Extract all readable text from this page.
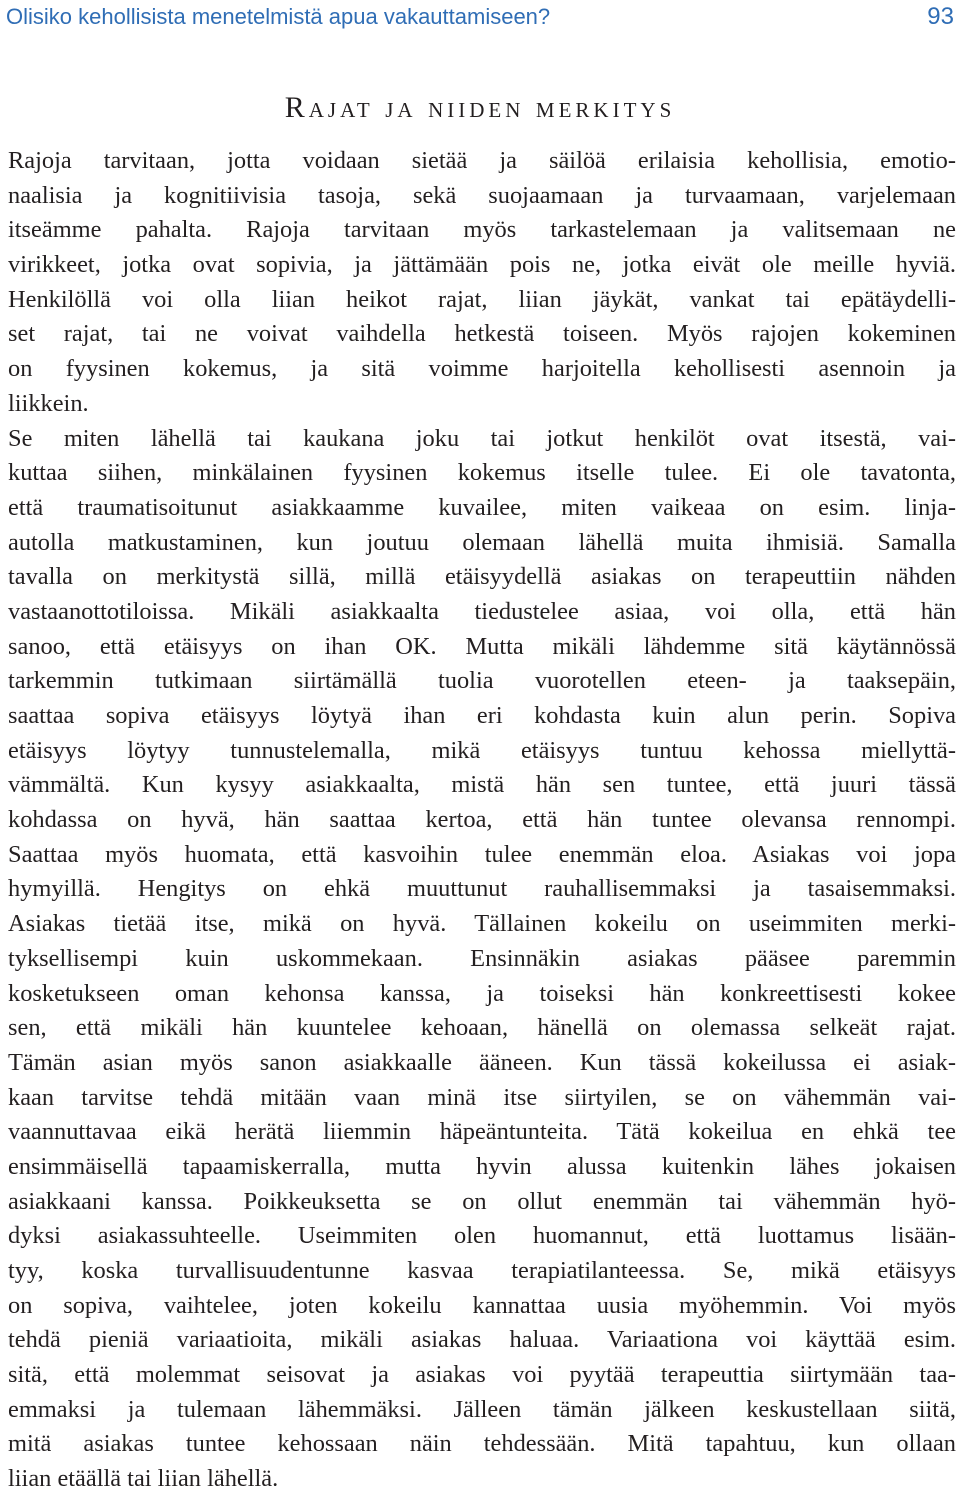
Olisiko kehollisista menetelmistä apua vakauttamiseen?	93
Rajat ja niiden merkitys
Rajoja tarvitaan, jotta voidaan sietää ja säilöä erilaisia kehollisia, emotio-
naalisia ja kognitiivisia tasoja, sekä suojaamaan ja turvaamaan, varjelemaan
itseämme pahalta. Rajoja tarvitaan myös tarkastelemaan ja valitsemaan ne
virikkeet, jotka ovat sopivia, ja jättämään pois ne, jotka eivät ole meille hyviä.
Henkilöllä voi olla liian heikot rajat, liian jäykät, vankat tai epätäydelli-
set rajat, tai ne voivat vaihdella hetkestä toiseen. Myös rajojen kokeminen
on fyysinen kokemus, ja sitä voimme harjoitella kehollisesti asennoin ja
liikkein.
Se miten lähellä tai kaukana joku tai jotkut henkilöt ovat itsestä, vai-
kuttaa siihen, minkälainen fyysinen kokemus itselle tulee. Ei ole tavatonta,
että traumatisoitunut asiakkaamme kuvailee, miten vaikeaa on esim. linja-
autolla matkustaminen, kun joutuu olemaan lähellä muita ihmisiä. Samalla
tavalla on merkitystä sillä, millä etäisyydellä asiakas on terapeuttiin nähden
vastaanottotiloissa. Mikäli asiakkaalta tiedustelee asiaa, voi olla, että hän
sanoo, että etäisyys on ihan OK. Mutta mikäli lähdemme sitä käytännössä
tarkemmin tutkimaan siirtämällä tuolia vuorotellen eteen- ja taaksepäin,
saattaa sopiva etäisyys löytyä ihan eri kohdasta kuin alun perin. Sopiva
etäisyys löytyy tunnustelemalla, mikä etäisyys tuntuu kehossa miellyttä-
vämmältä. Kun kysyy asiakkaalta, mistä hän sen tuntee, että juuri tässä
kohdassa on hyvä, hän saattaa kertoa, että hän tuntee olevansa rennompi.
Saattaa myös huomata, että kasvoihin tulee enemmän eloa. Asiakas voi jopa
hymyillä. Hengitys on ehkä muuttunut rauhallisemmaksi ja tasaisemmaksi.
Asiakas tietää itse, mikä on hyvä. Tällainen kokeilu on useimmiten merki-
tyksellisempi kuin uskommekaan. Ensinnäkin asiakas pääsee paremmin
kosketukseen oman kehonsa kanssa, ja toiseksi hän konkreettisesti kokee
sen, että mikäli hän kuuntelee kehoaan, hänellä on olemassa selkeät rajat.
Tämän asian myös sanon asiakkaalle ääneen. Kun tässä kokeilussa ei asiak-
kaan tarvitse tehdä mitään vaan minä itse siirtyilen, se on vähemmän vai-
vaannuttavaa eikä herätä liiemmin häpeäntunteita. Tätä kokeilua en ehkä tee
ensimmäisellä tapaamiskerralla, mutta hyvin alussa kuitenkin lähes jokaisen
asiakkaani kanssa. Poikkeuksetta se on ollut enemmän tai vähemmän hyö-
dyksi asiakassuhteelle. Useimmiten olen huomannut, että luottamus lisään-
tyy, koska turvallisuudentunne kasvaa terapiatilanteessa. Se, mikä etäisyys
on sopiva, vaihtelee, joten kokeilu kannattaa uusia myöhemmin. Voi myös
tehdä pieniä variaatioita, mikäli asiakas haluaa. Variaationa voi käyttää esim.
sitä, että molemmat seisovat ja asiakas voi pyytää terapeuttia siirtymään taa-
emmaksi ja tulemaan lähemmäksi. Jälleen tämän jälkeen keskustellaan siitä,
mitä asiakas tuntee kehossaan näin tehdessään. Mitä tapahtuu, kun ollaan
liian etäällä tai liian lähellä.
